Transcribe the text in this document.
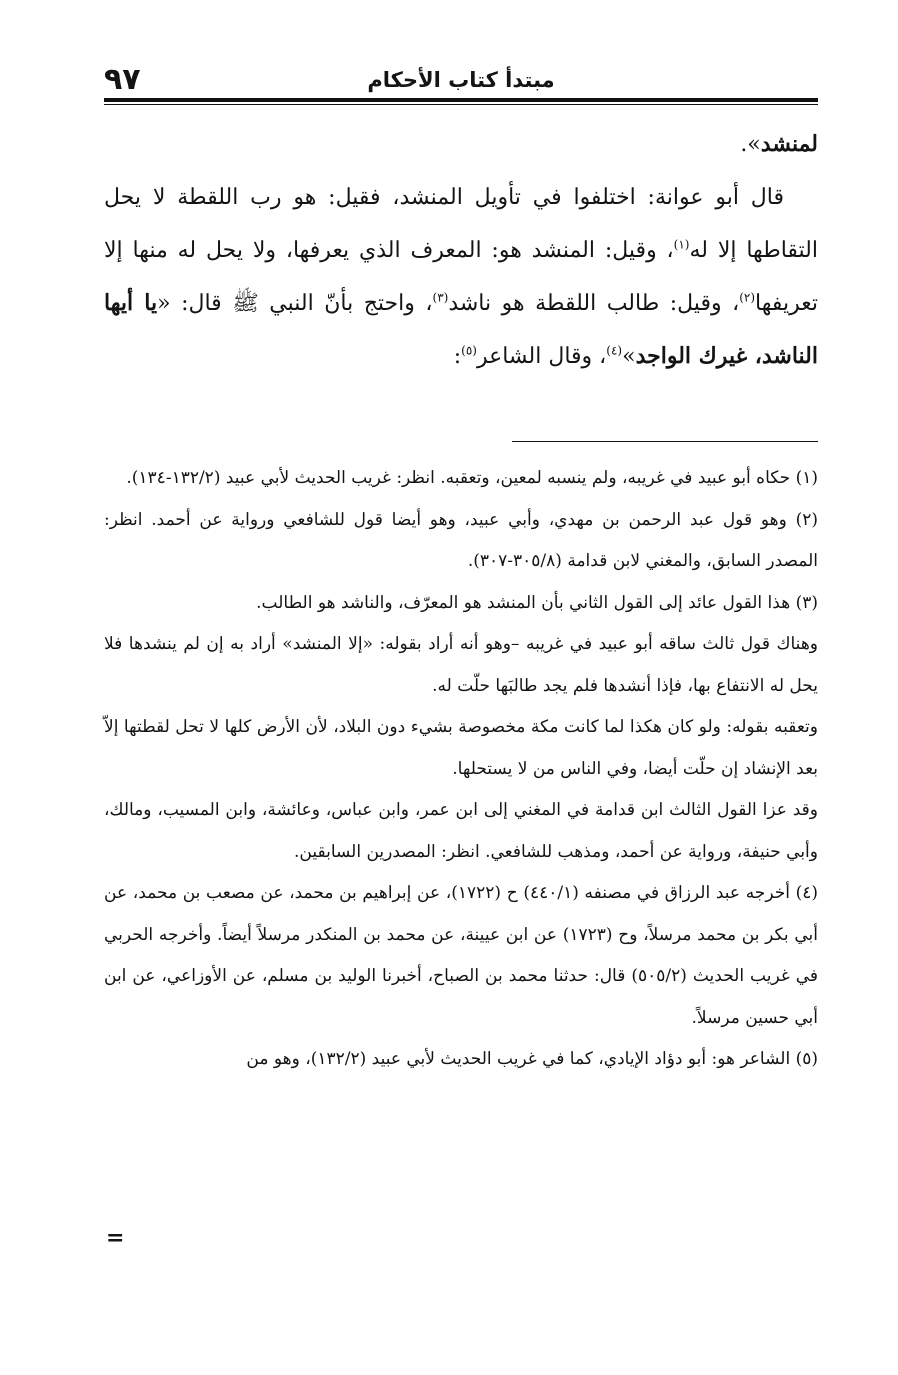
٩٧	مبتدأ كتاب الأحكام

لمنشد».

قال أبو عوانة: اختلفوا في تأويل المنشد، فقيل: هو رب اللقطة لا يحل التقاطها إلا له$^{(١)}$، وقيل: المنشد هو: المعرف الذي يعرفها، ولا يحل له منها إلا تعريفها$^{(٢)}$، وقيل: طالب اللقطة هو ناشد$^{(٣)}$، واحتج بأنّ النبي ﷺ قال: «يا أيها الناشد، غيرك الواجد»$^{(٤)}$، وقال الشاعر$^{(٥)}$:

(١) حكاه أبو عبيد في غريبه، ولم ينسبه لمعين، وتعقبه. انظر: غريب الحديث لأبي عبيد (١٣٢/٢-١٣٤).

(٢) وهو قول عبد الرحمن بن مهدي، وأبي عبيد، وهو أيضا قول للشافعي ورواية عن أحمد. انظر: المصدر السابق، والمغني لابن قدامة (٣٠٥/٨-٣٠٧).

(٣) هذا القول عائد إلى القول الثاني بأن المنشد هو المعرّف، والناشد هو الطالب.

وهناك قول ثالث ساقه أبو عبيد في غريبه –وهو أنه أراد بقوله: «إلا المنشد» أراد به إن لم ينشدها فلا يحل له الانتفاع بها، فإذا أنشدها فلم يجد طالبَها حلّت له.

وتعقبه بقوله: ولو كان هكذا لما كانت مكة مخصوصة بشيء دون البلاد، لأن الأرض كلها لا تحل لقطتها إلاّ بعد الإنشاد إن حلّت أيضا، وفي الناس من لا يستحلها.

وقد عزا القول الثالث ابن قدامة في المغني إلى ابن عمر، وابن عباس، وعائشة، وابن المسيب، ومالك، وأبي حنيفة، ورواية عن أحمد، ومذهب للشافعي. انظر: المصدرين السابقين.

(٤) أخرجه عبد الرزاق في مصنفه (٤٤٠/١) ح (١٧٢٢)، عن إبراهيم بن محمد، عن مصعب بن محمد، عن أبي بكر بن محمد مرسلاً، وح (١٧٢٣) عن ابن عيينة، عن محمد بن المنكدر مرسلاً أيضاً. وأخرجه الحربي في غريب الحديث (٥٠٥/٢) قال: حدثنا محمد بن الصباح، أخبرنا الوليد بن مسلم، عن الأوزاعي، عن ابن أبي حسين مرسلاً.

(٥) الشاعر هو: أبو دؤاد الإيادي، كما في غريب الحديث لأبي عبيد (١٣٢/٢)، وهو من

=
